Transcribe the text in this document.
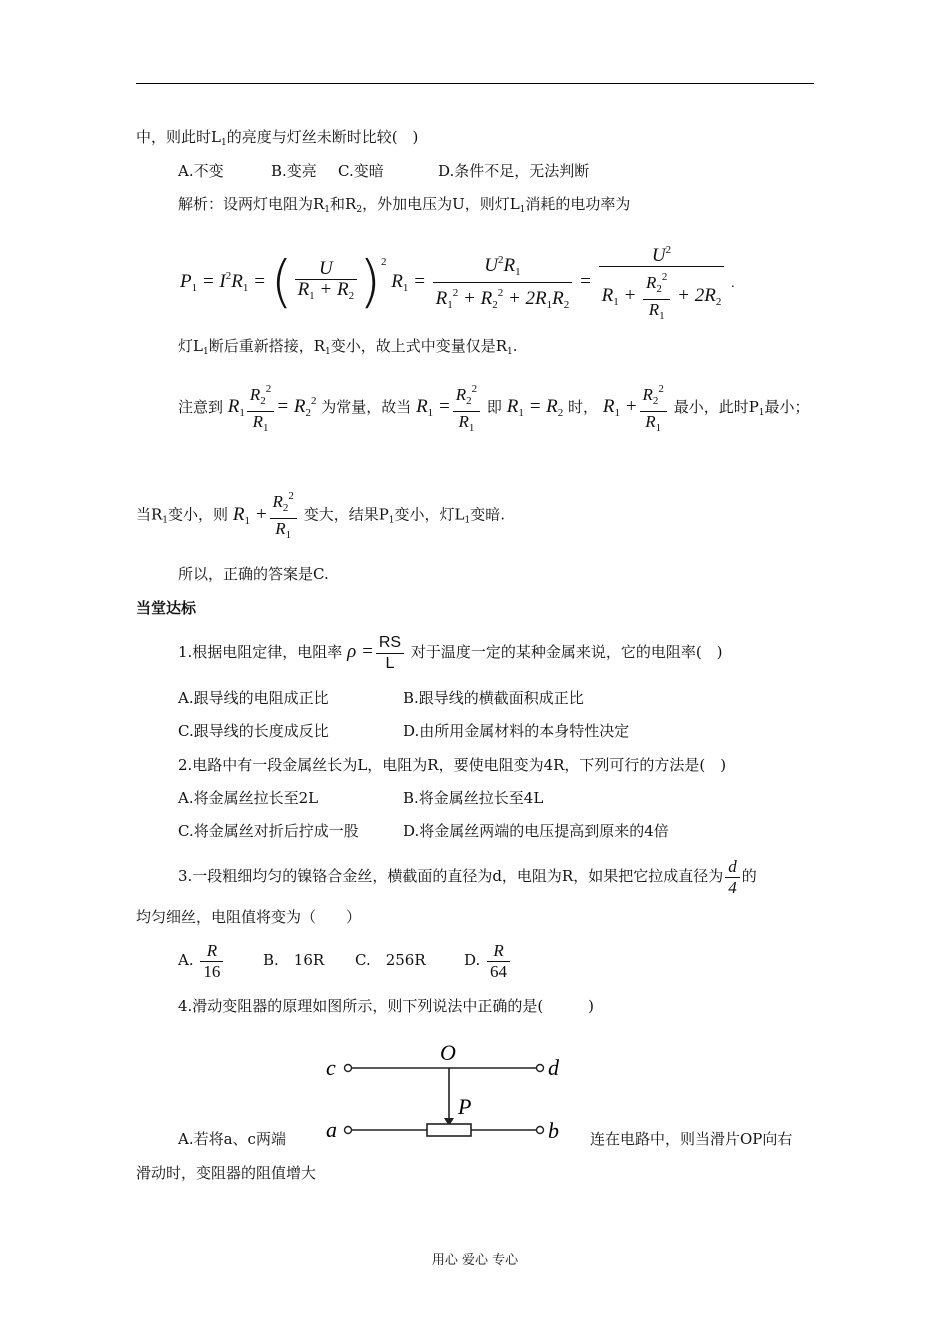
中，则此时$L_1$的亮度与灯丝未断时比较(　)
A.不变	B.变亮 C.变暗	D.条件不足，无法判断
解析：设两灯电阻为$R_1$和$R_2$，外加电压为U，则灯$L_1$消耗的电功率为
$P_1 = I^2R_1$ = ( $\frac{U}{R_1 + R_2} )^2$ $R_1 = \frac{U^2R_1}{R_1^2 + R_2^2 + 2R_1R_2} = \frac{U^2}{R_1 + \frac{R_2^2}{R_1} + 2R_2}$ .
灯$L_1$断后重新搭接，$R_1$变小，故上式中变量仅是$R_1$.
注意到 $R_1 \frac{R_2^2}{R_1} = R_2^2$ 为常量，故当 $R_1 = \frac{R_2^2}{R_1}$ 即 $R_1 = R_2$ 时， $R_1 + \frac{R_2^2}{R_1}$ 最小，此时$P_1$最小；
当$R_1$变小，则 $R_1 + \frac{R_2^2}{R_1}$ 变大，结果$P_1$变小，灯$L_1$变暗.
所以，正确的答案是C.
当堂达标
1.根据电阻定律，电阻率 $\rho = \frac{RS}{L}$ 对于温度一定的某种金属来说，它的电阻率(　)
A.跟导线的电阻成正比	B.跟导线的横截面积成正比
C.跟导线的长度成反比	D.由所用金属材料的本身特性决定
2.电路中有一段金属丝长为L，电阻为R，要使电阻变为4R，下列可行的方法是(　)
A.将金属丝拉长至2L	B.将金属丝拉长至4L
C.将金属丝对折后拧成一股	D.将金属丝两端的电压提高到原来的4倍
3.一段粗细均匀的镍铬合金丝，横截面的直径为d，电阻为R，如果把它拉成直径为 $\frac{d}{4}$ 的
均匀细丝，电阻值将变为（　　）
A. $\frac{R}{16}$	B.　16R C.　256R	D. $\frac{R}{64}$
4.滑动变阻器的原理如图所示，则下列说法中正确的是(　　　)
c	d
O
P
a	b
A.若将a、c两端	连在电路中，则当滑片OP向右
滑动时，变阻器的阻值增大
用心 爱心 专心
